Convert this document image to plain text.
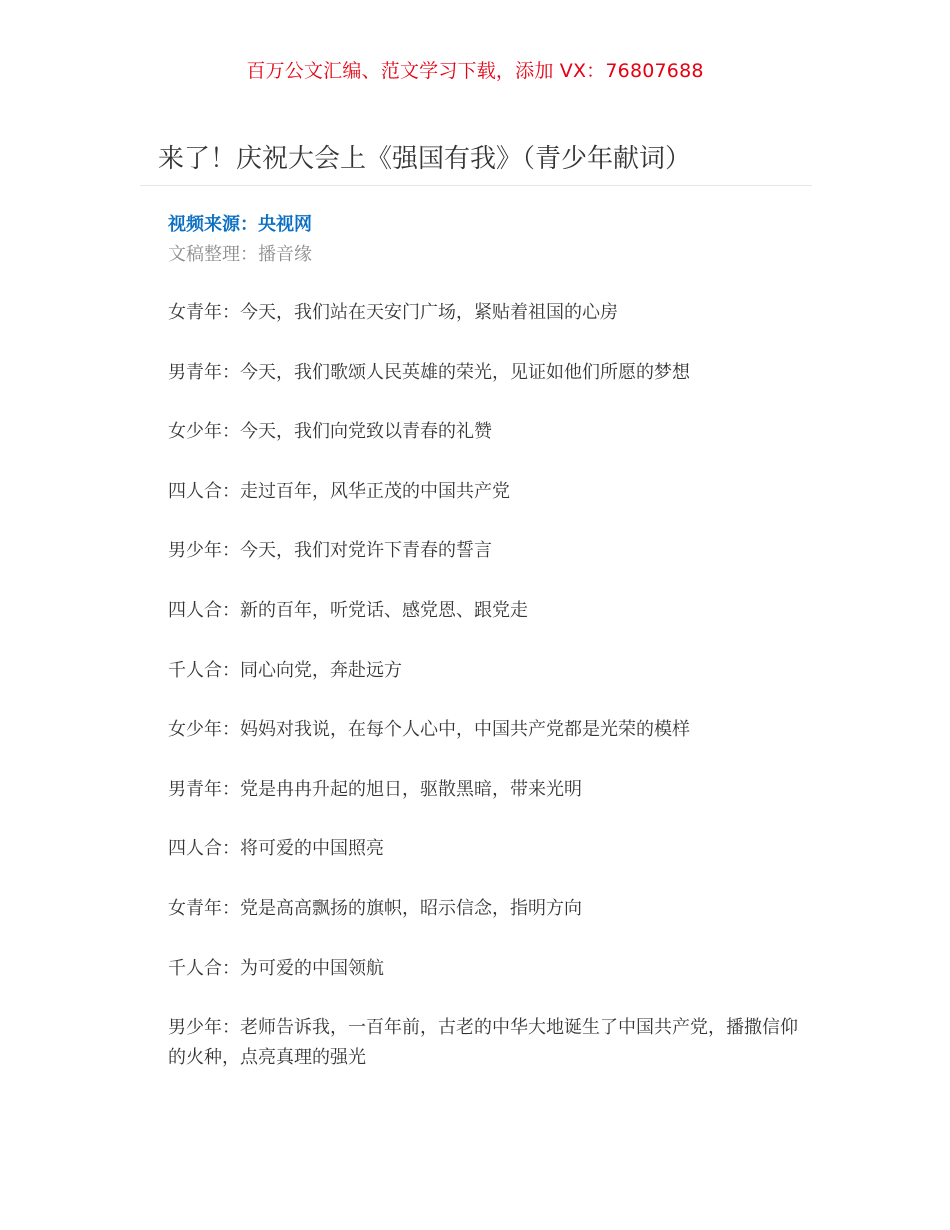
百万公文汇编、范文学习下载，添加 VX：76807688
来了！庆祝大会上《强国有我》（青少年献词）
视频来源：央视网
文稿整理：播音缘

女青年：今天，我们站在天安门广场，紧贴着祖国的心房

男青年：今天，我们歌颂人民英雄的荣光，见证如他们所愿的梦想

女少年：今天，我们向党致以青春的礼赞

四人合：走过百年，风华正茂的中国共产党

男少年：今天，我们对党许下青春的誓言

四人合：新的百年，听党话、感党恩、跟党走

千人合：同心向党，奔赴远方

女少年：妈妈对我说，在每个人心中，中国共产党都是光荣的模样

男青年：党是冉冉升起的旭日，驱散黑暗，带来光明

四人合：将可爱的中国照亮

女青年：党是高高飘扬的旗帜，昭示信念，指明方向

千人合：为可爱的中国领航

男少年：老师告诉我，一百年前，古老的中华大地诞生了中国共产党，播撒信仰的火种，点亮真理的强光
